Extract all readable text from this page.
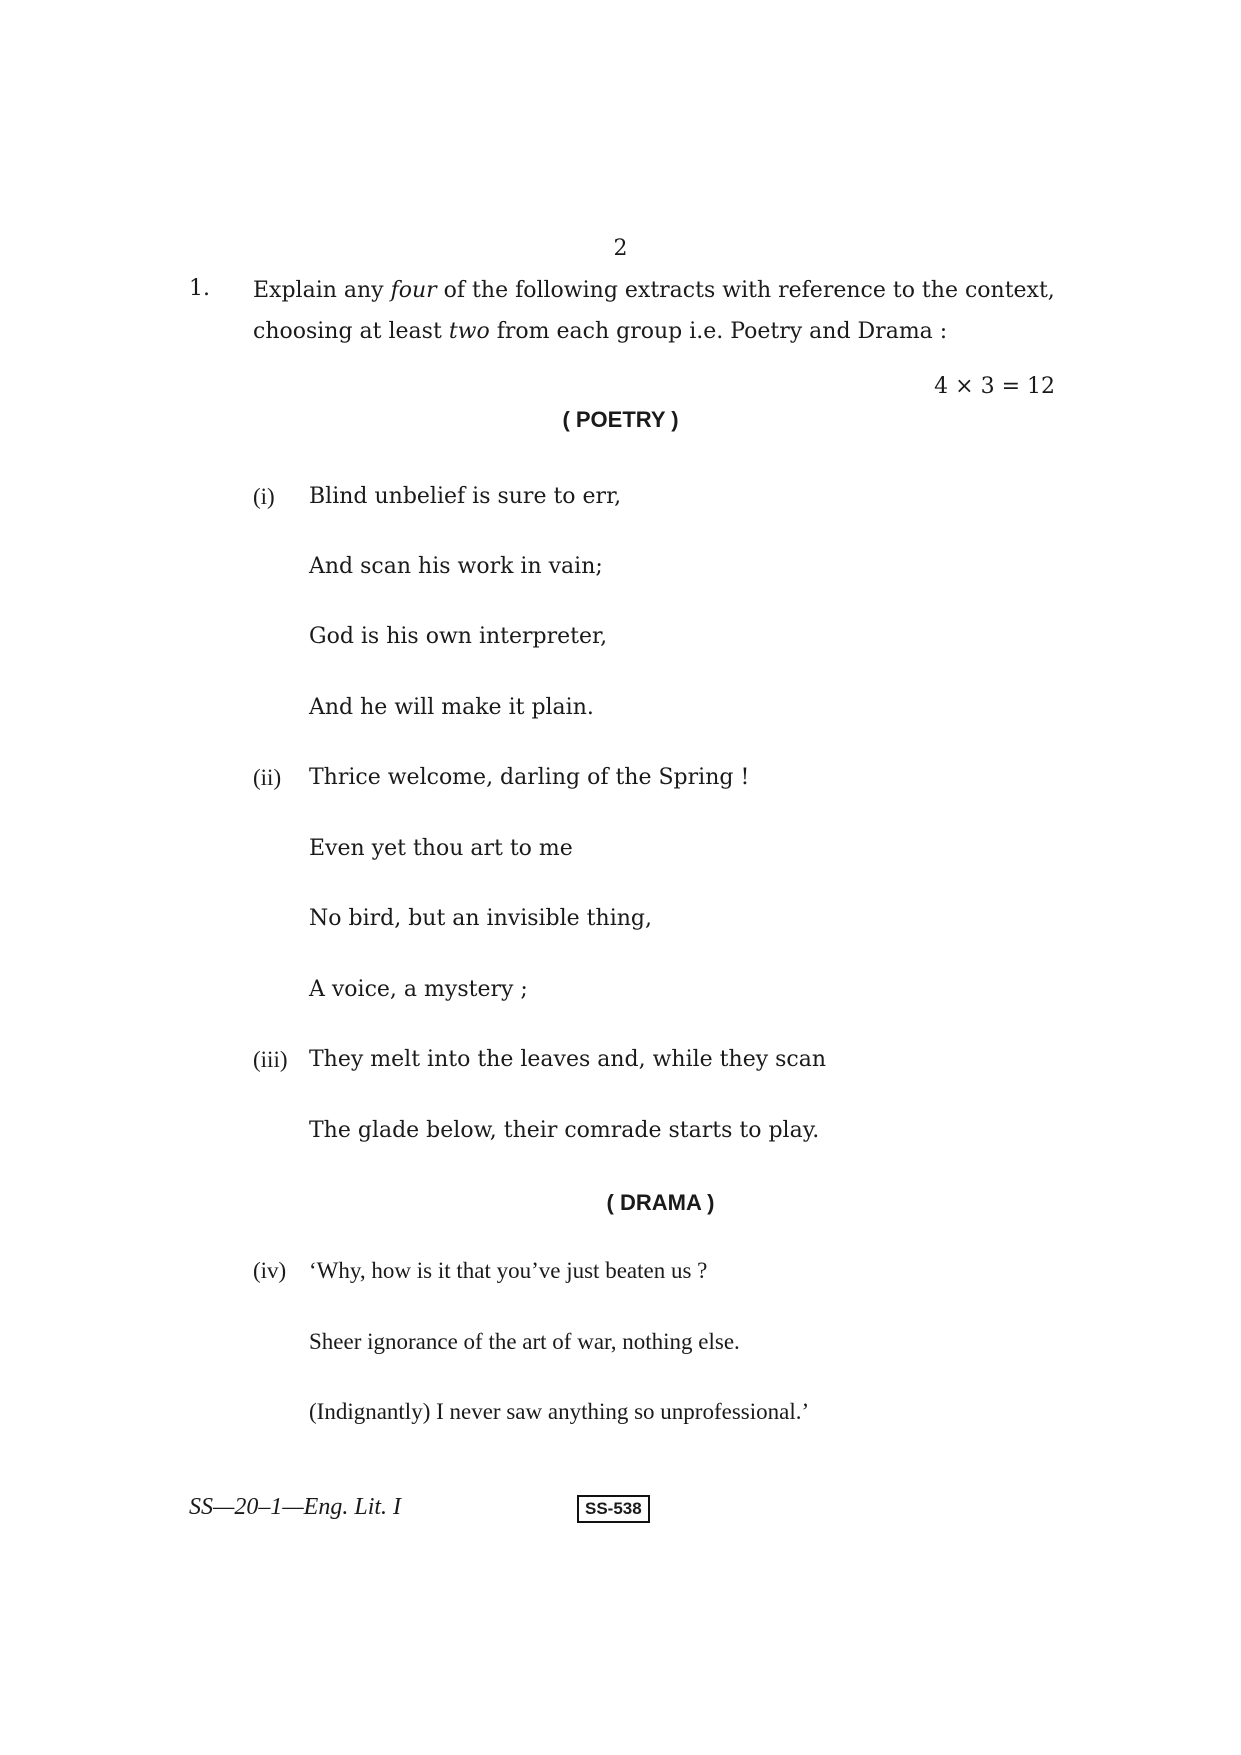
2
1. Explain any four of the following extracts with reference to the context,
choosing at least two from each group i.e. Poetry and Drama :
4 × 3 = 12
( POETRY )
(i) Blind unbelief is sure to err,
And scan his work in vain;
God is his own interpreter,
And he will make it plain.
(ii) Thrice welcome, darling of the Spring !
Even yet thou art to me
No bird, but an invisible thing,
A voice, a mystery ;
(iii) They melt into the leaves and, while they scan
The glade below, their comrade starts to play.
( DRAMA )
(iv) ‘Why, how is it that you’ve just beaten us ?
Sheer ignorance of the art of war, nothing else.
(Indignantly) I never saw anything so unprofessional.’
SS—20–1—Eng. Lit. I	SS-538
